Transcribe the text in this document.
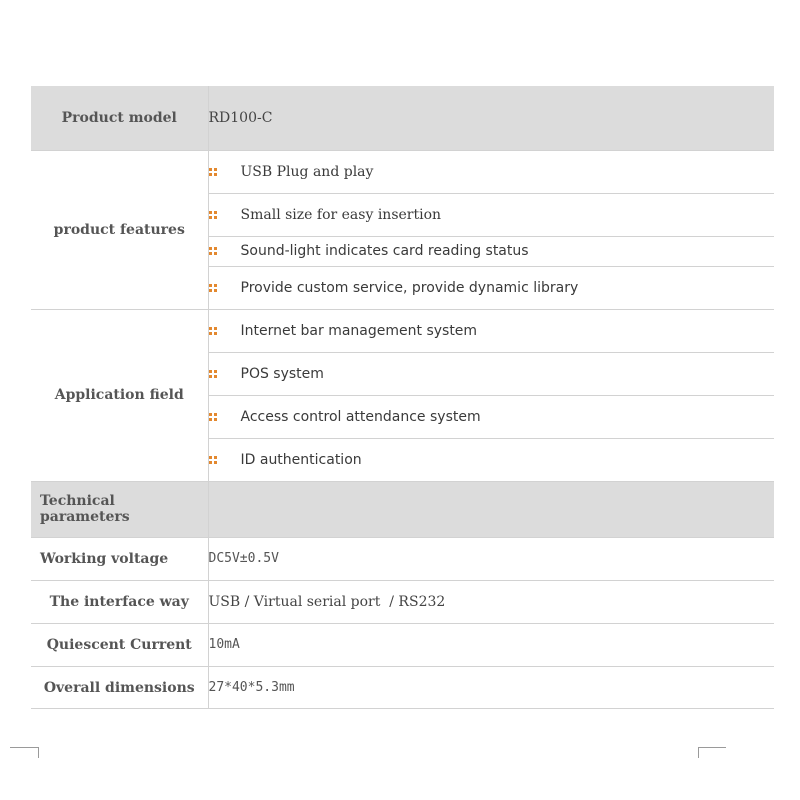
Product model	RD100-C
product features	USB Plug and play
	Small size for easy insertion
	Sound-light indicates card reading status
	Provide custom service, provide dynamic library
Application field	Internet bar management system
	POS system
	Access control attendance system
	ID authentication
Technical parameters	
Working voltage	DC5V±0.5V
The interface way	USB / Virtual serial port  / RS232
Quiescent Current	10mA
Overall dimensions	27*40*5.3mm
